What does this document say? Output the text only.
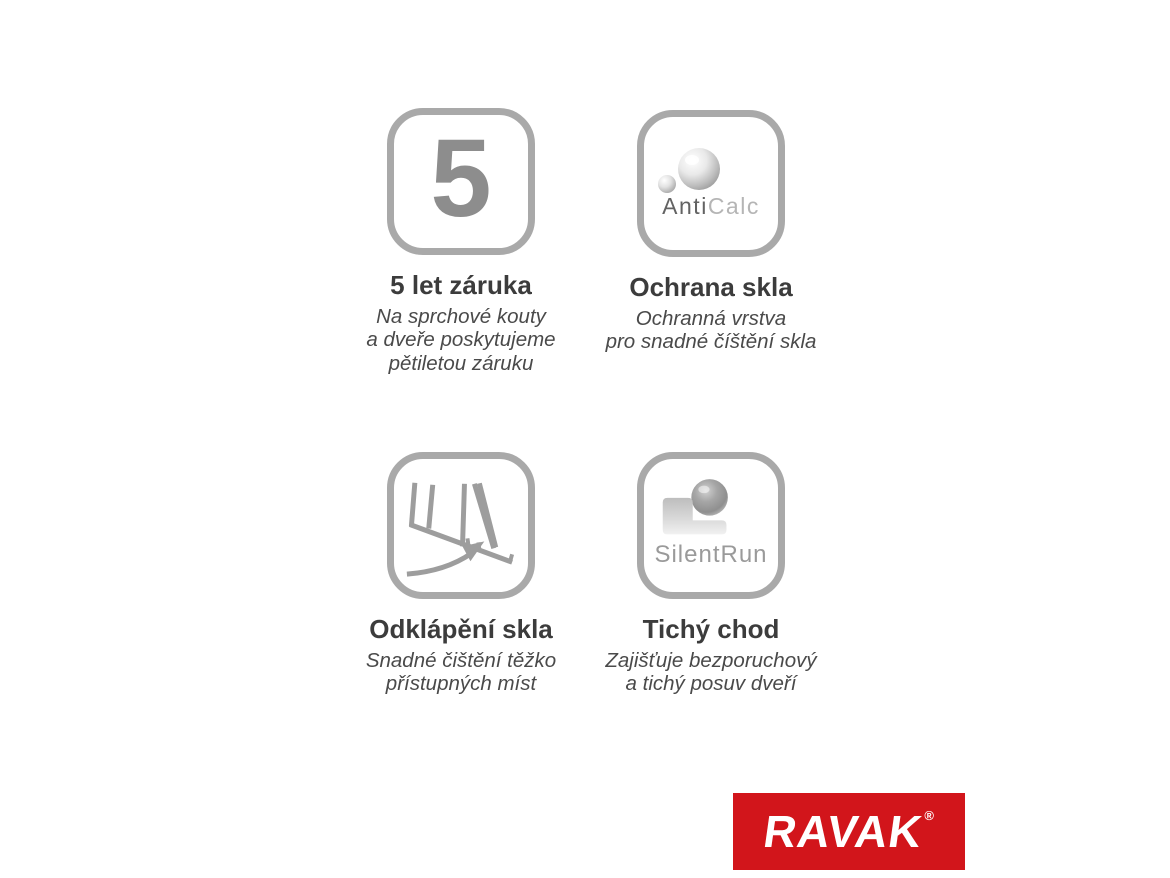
5
5 let záruka
Na sprchové kouty
a dveře poskytujeme
pětiletou záruku
AntiCalc
Ochrana skla
Ochranná vrstva
pro snadné číštění skla
Odklápění skla
Snadné čištění těžko
přístupných míst
SilentRun
Tichý chod
Zajišťuje bezporuchový
a tichý posuv dveří
RAVAK
®
